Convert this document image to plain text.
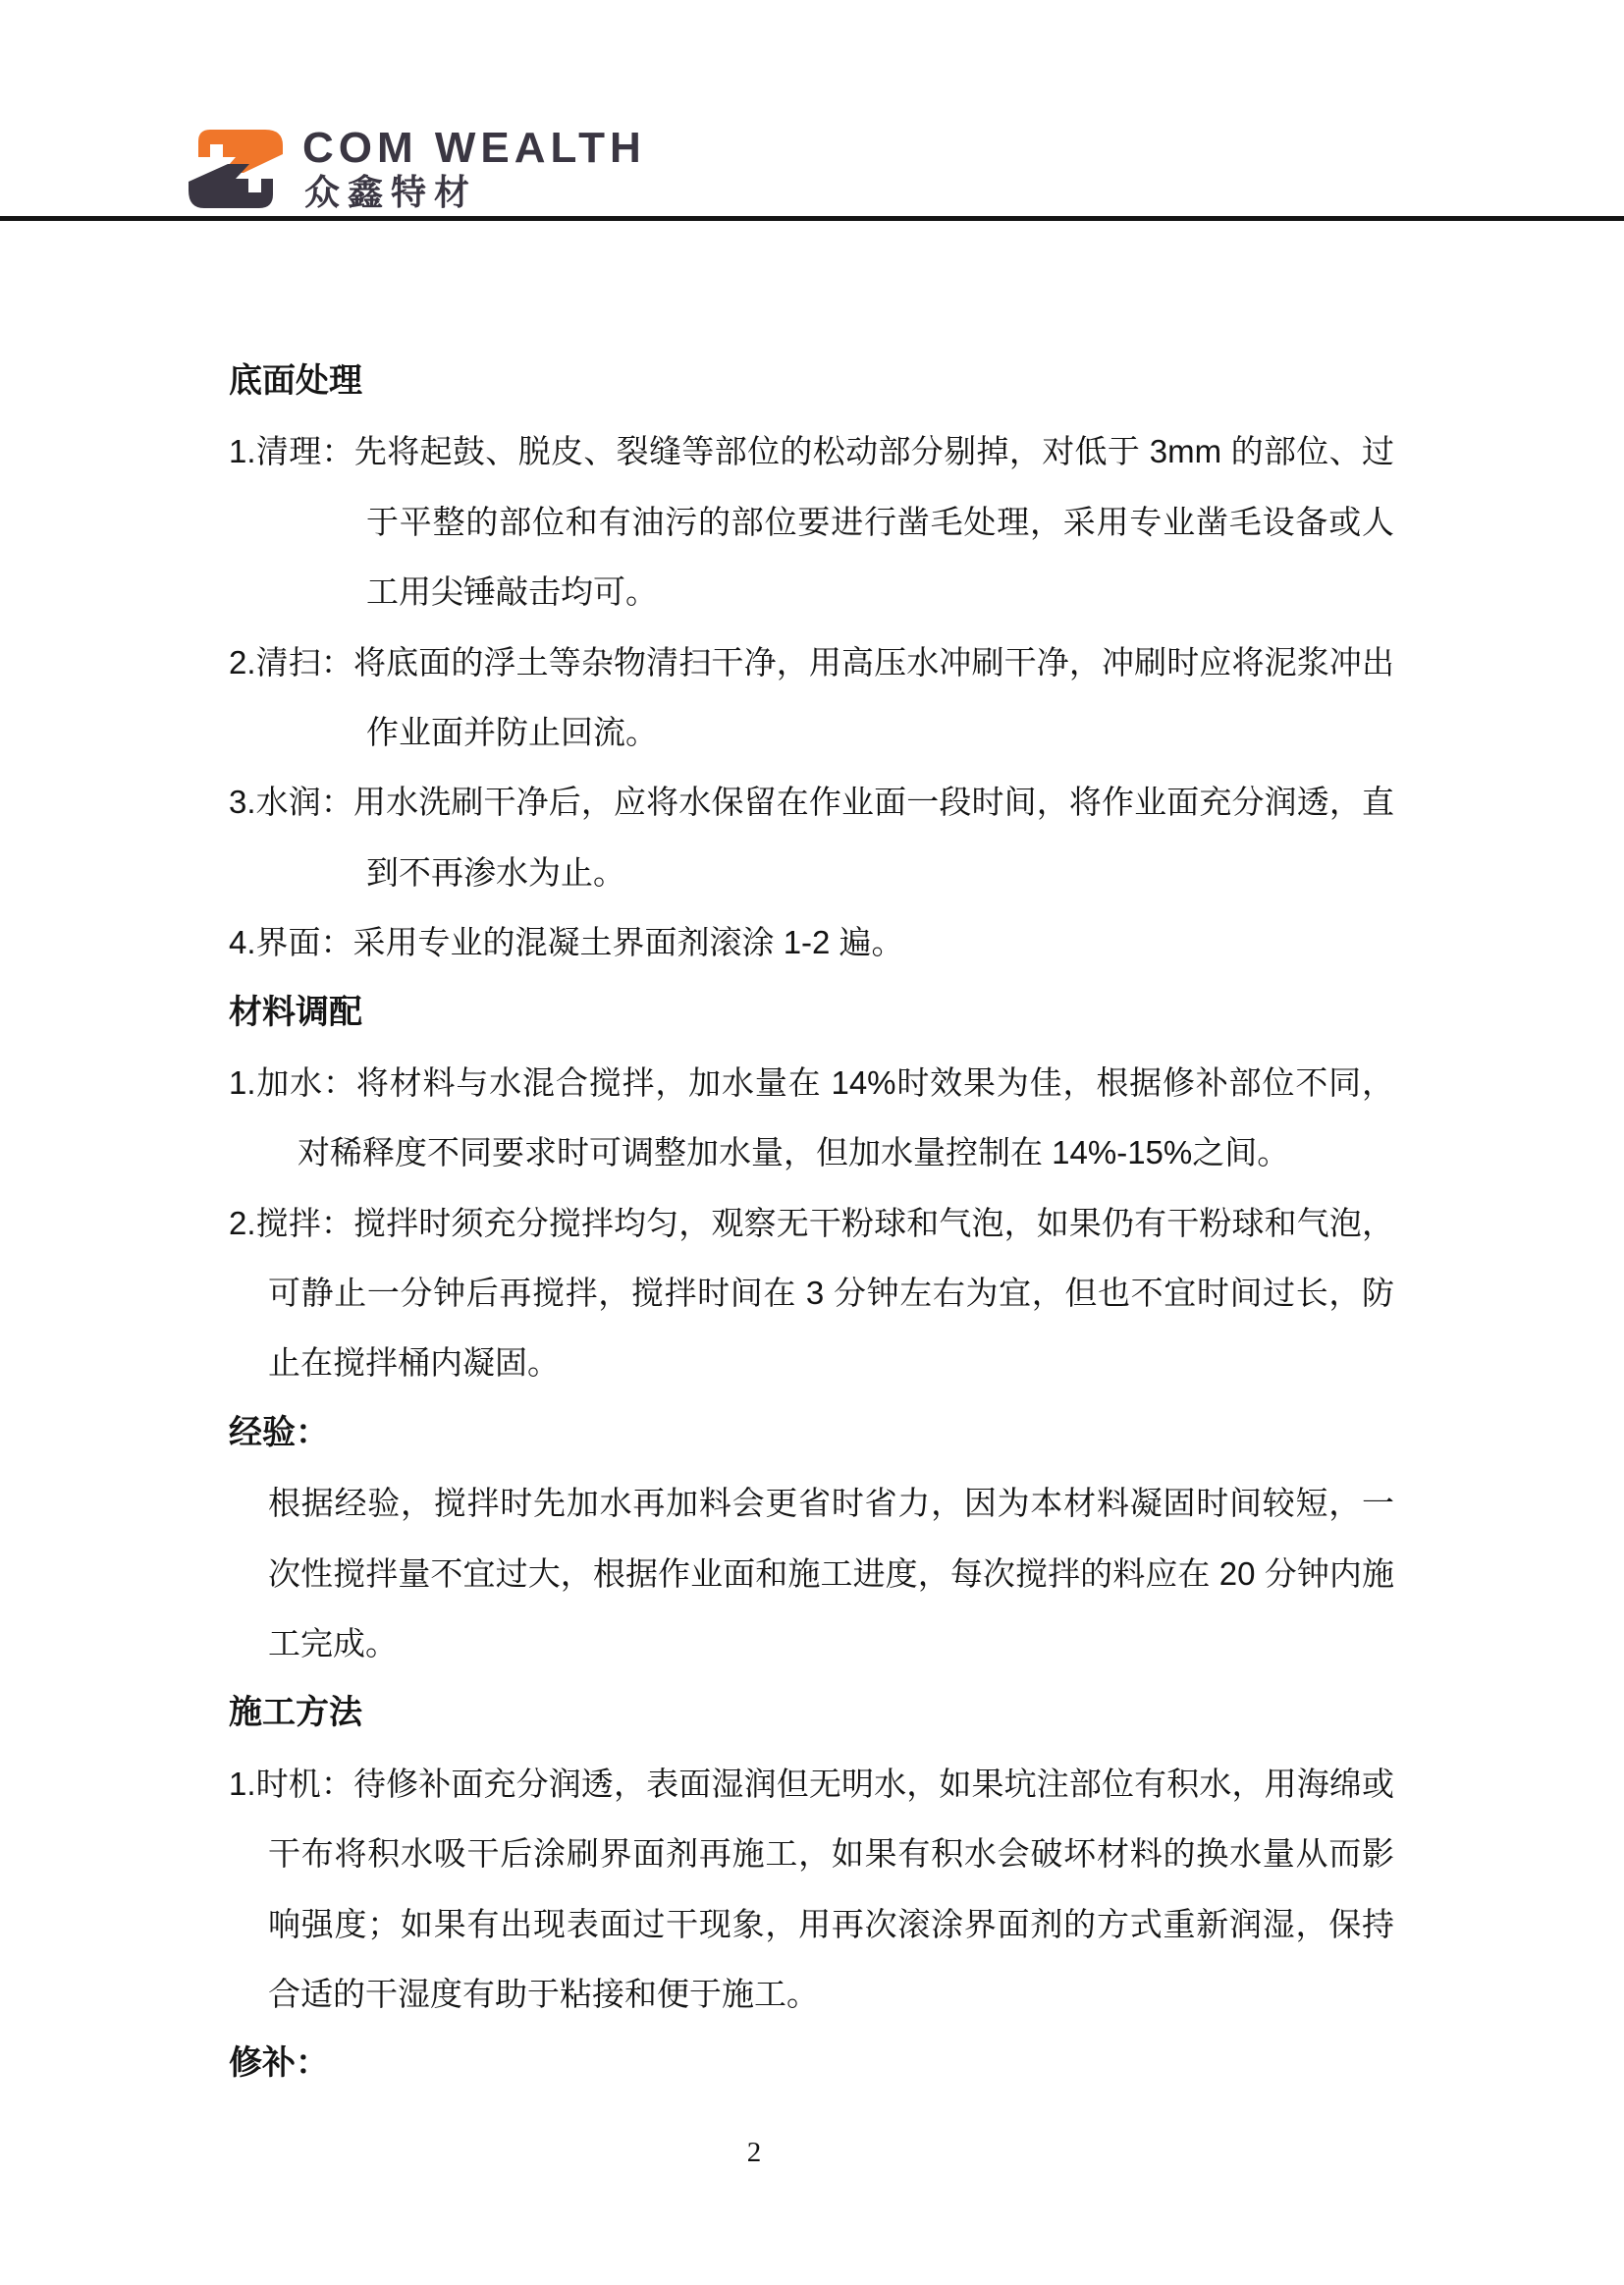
COM WEALTH
众鑫特材
底面处理
1.清理：先将起鼓、脱皮、裂缝等部位的松动部分剔掉，对低于 3mm 的部位、过
于平整的部位和有油污的部位要进行凿毛处理，采用专业凿毛设备或人
工用尖锤敲击均可。
2.清扫：将底面的浮土等杂物清扫干净，用高压水冲刷干净，冲刷时应将泥浆冲出
作业面并防止回流。
3.水润：用水洗刷干净后，应将水保留在作业面一段时间，将作业面充分润透，直
到不再渗水为止。
4.界面：采用专业的混凝土界面剂滚涂 1-2 遍。
材料调配
1.加水：将材料与水混合搅拌，加水量在 14%时效果为佳，根据修补部位不同，
对稀释度不同要求时可调整加水量，但加水量控制在 14%-15%之间。
2.搅拌：搅拌时须充分搅拌均匀，观察无干粉球和气泡，如果仍有干粉球和气泡，
可静止一分钟后再搅拌，搅拌时间在 3 分钟左右为宜，但也不宜时间过长，防
止在搅拌桶内凝固。
经验：
根据经验，搅拌时先加水再加料会更省时省力，因为本材料凝固时间较短，一
次性搅拌量不宜过大，根据作业面和施工进度，每次搅拌的料应在 20 分钟内施
工完成。
施工方法
1.时机：待修补面充分润透，表面湿润但无明水，如果坑注部位有积水，用海绵或
干布将积水吸干后涂刷界面剂再施工，如果有积水会破坏材料的换水量从而影
响强度；如果有出现表面过干现象，用再次滚涂界面剂的方式重新润湿，保持
合适的干湿度有助于粘接和便于施工。
修补：
2
